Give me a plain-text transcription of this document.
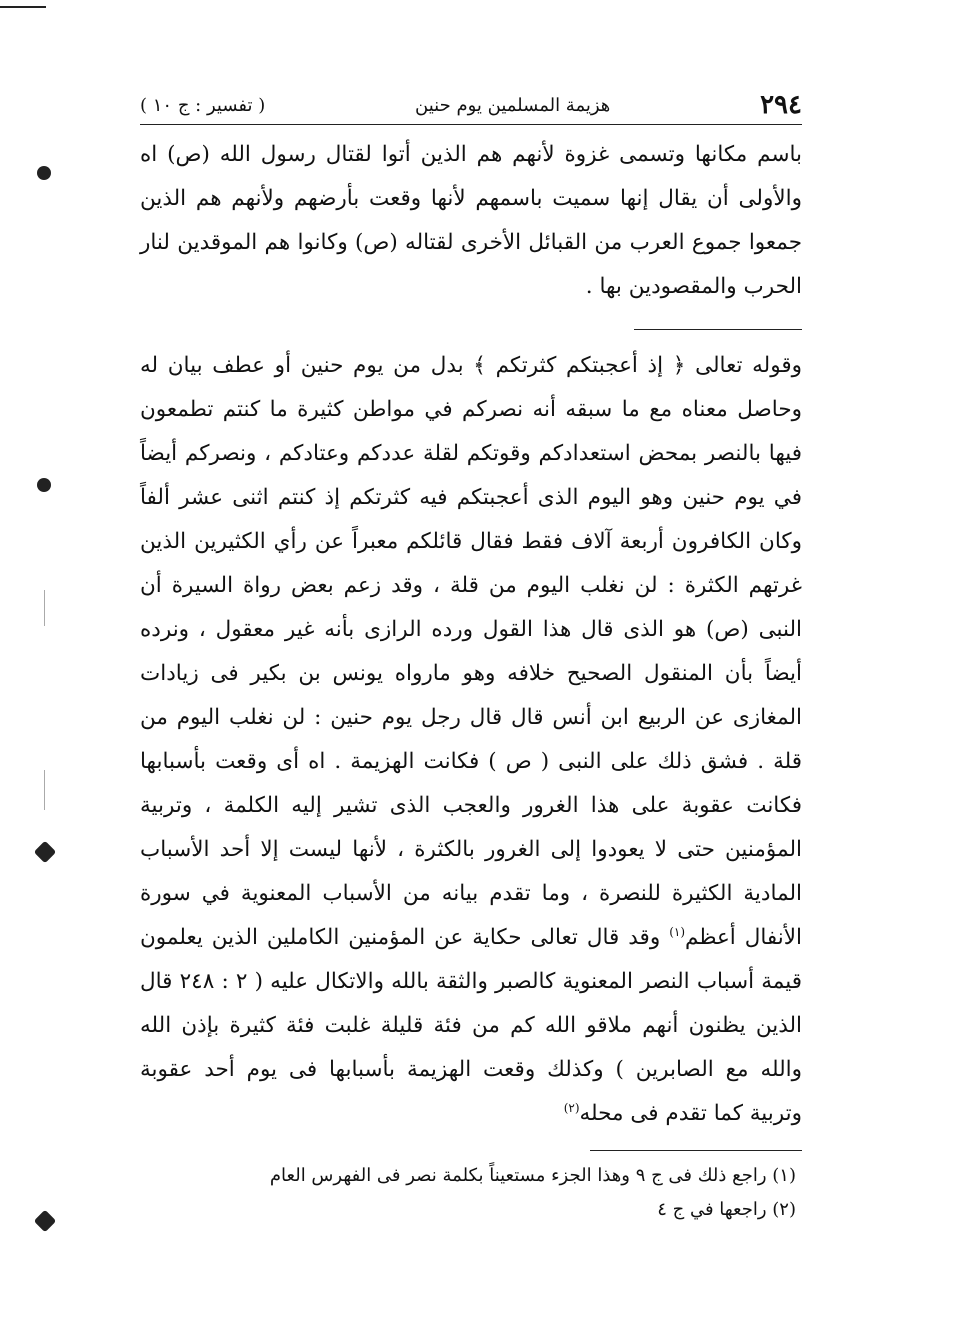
٢٩٤
هزيمة المسلمين يوم حنين
( تفسير : ج ١٠ )

باسم مكانها وتسمى غزوة لأنهم هم الذين أتوا لقتال رسول الله (ص) اه والأولى أن يقال إنها سميت باسمهم لأنها وقعت بأرضهم ولأنهم هم الذين جمعوا جموع العرب من القبائل الأخرى لقتاله (ص) وكانوا هم الموقدين لنار الحرب والمقصودين بها .

وقوله تعالى ﴿ إذ أعجبتكم كثرتكم ﴾ بدل من يوم حنين أو عطف بيان له وحاصل معناه مع ما سبقه أنه نصركم في مواطن كثيرة ما كنتم تطمعون فيها بالنصر بمحض استعدادكم وقوتكم لقلة عددكم وعتادكم ، ونصركم أيضاً في يوم حنين وهو اليوم الذى أعجبتكم فيه كثرتكم إذ كنتم اثنى عشر ألفاً وكان الكافرون أربعة آلاف فقط فقال قائلكم معبراً عن رأي الكثيرين الذين غرتهم الكثرة : لن نغلب اليوم من قلة ، وقد زعم بعض رواة السيرة أن النبى (ص) هو الذى قال هذا القول ورده الرازى بأنه غير معقول ، ونرده أيضاً بأن المنقول الصحيح خلافه وهو مارواه يونس بن بكير فى زيادات المغازى عن الربيع ابن أنس قال قال رجل يوم حنين : لن نغلب اليوم من قلة . فشق ذلك على النبى ( ص ) فكانت الهزيمة . اه أى وقعت بأسبابها فكانت عقوبة على هذا الغرور والعجب الذى تشير إليه الكلمة ، وتربية المؤمنين حتى لا يعودوا إلى الغرور بالكثرة ، لأنها ليست إلا أحد الأسباب المادية الكثيرة للنصرة ، وما تقدم بيانه من الأسباب المعنوية في سورة الأنفال أعظم$^{(١)}$ وقد قال تعالى حكاية عن المؤمنين الكاملين الذين يعلمون قيمة أسباب النصر المعنوية كالصبر والثقة بالله والاتكال عليه ( ٢ : ٢٤٨ قال الذين يظنون أنهم ملاقو الله كم من فئة قليلة غلبت فئة كثيرة بإذن الله والله مع الصابرين ) وكذلك وقعت الهزيمة بأسبابها فى يوم أحد عقوبة وتربية كما تقدم فى محله$^{(٢)}$

(١) راجع ذلك فى ج ٩ وهذا الجزء مستعيناً بكلمة نصر فى الفهرس العام

(٢) راجعها في ج ٤
